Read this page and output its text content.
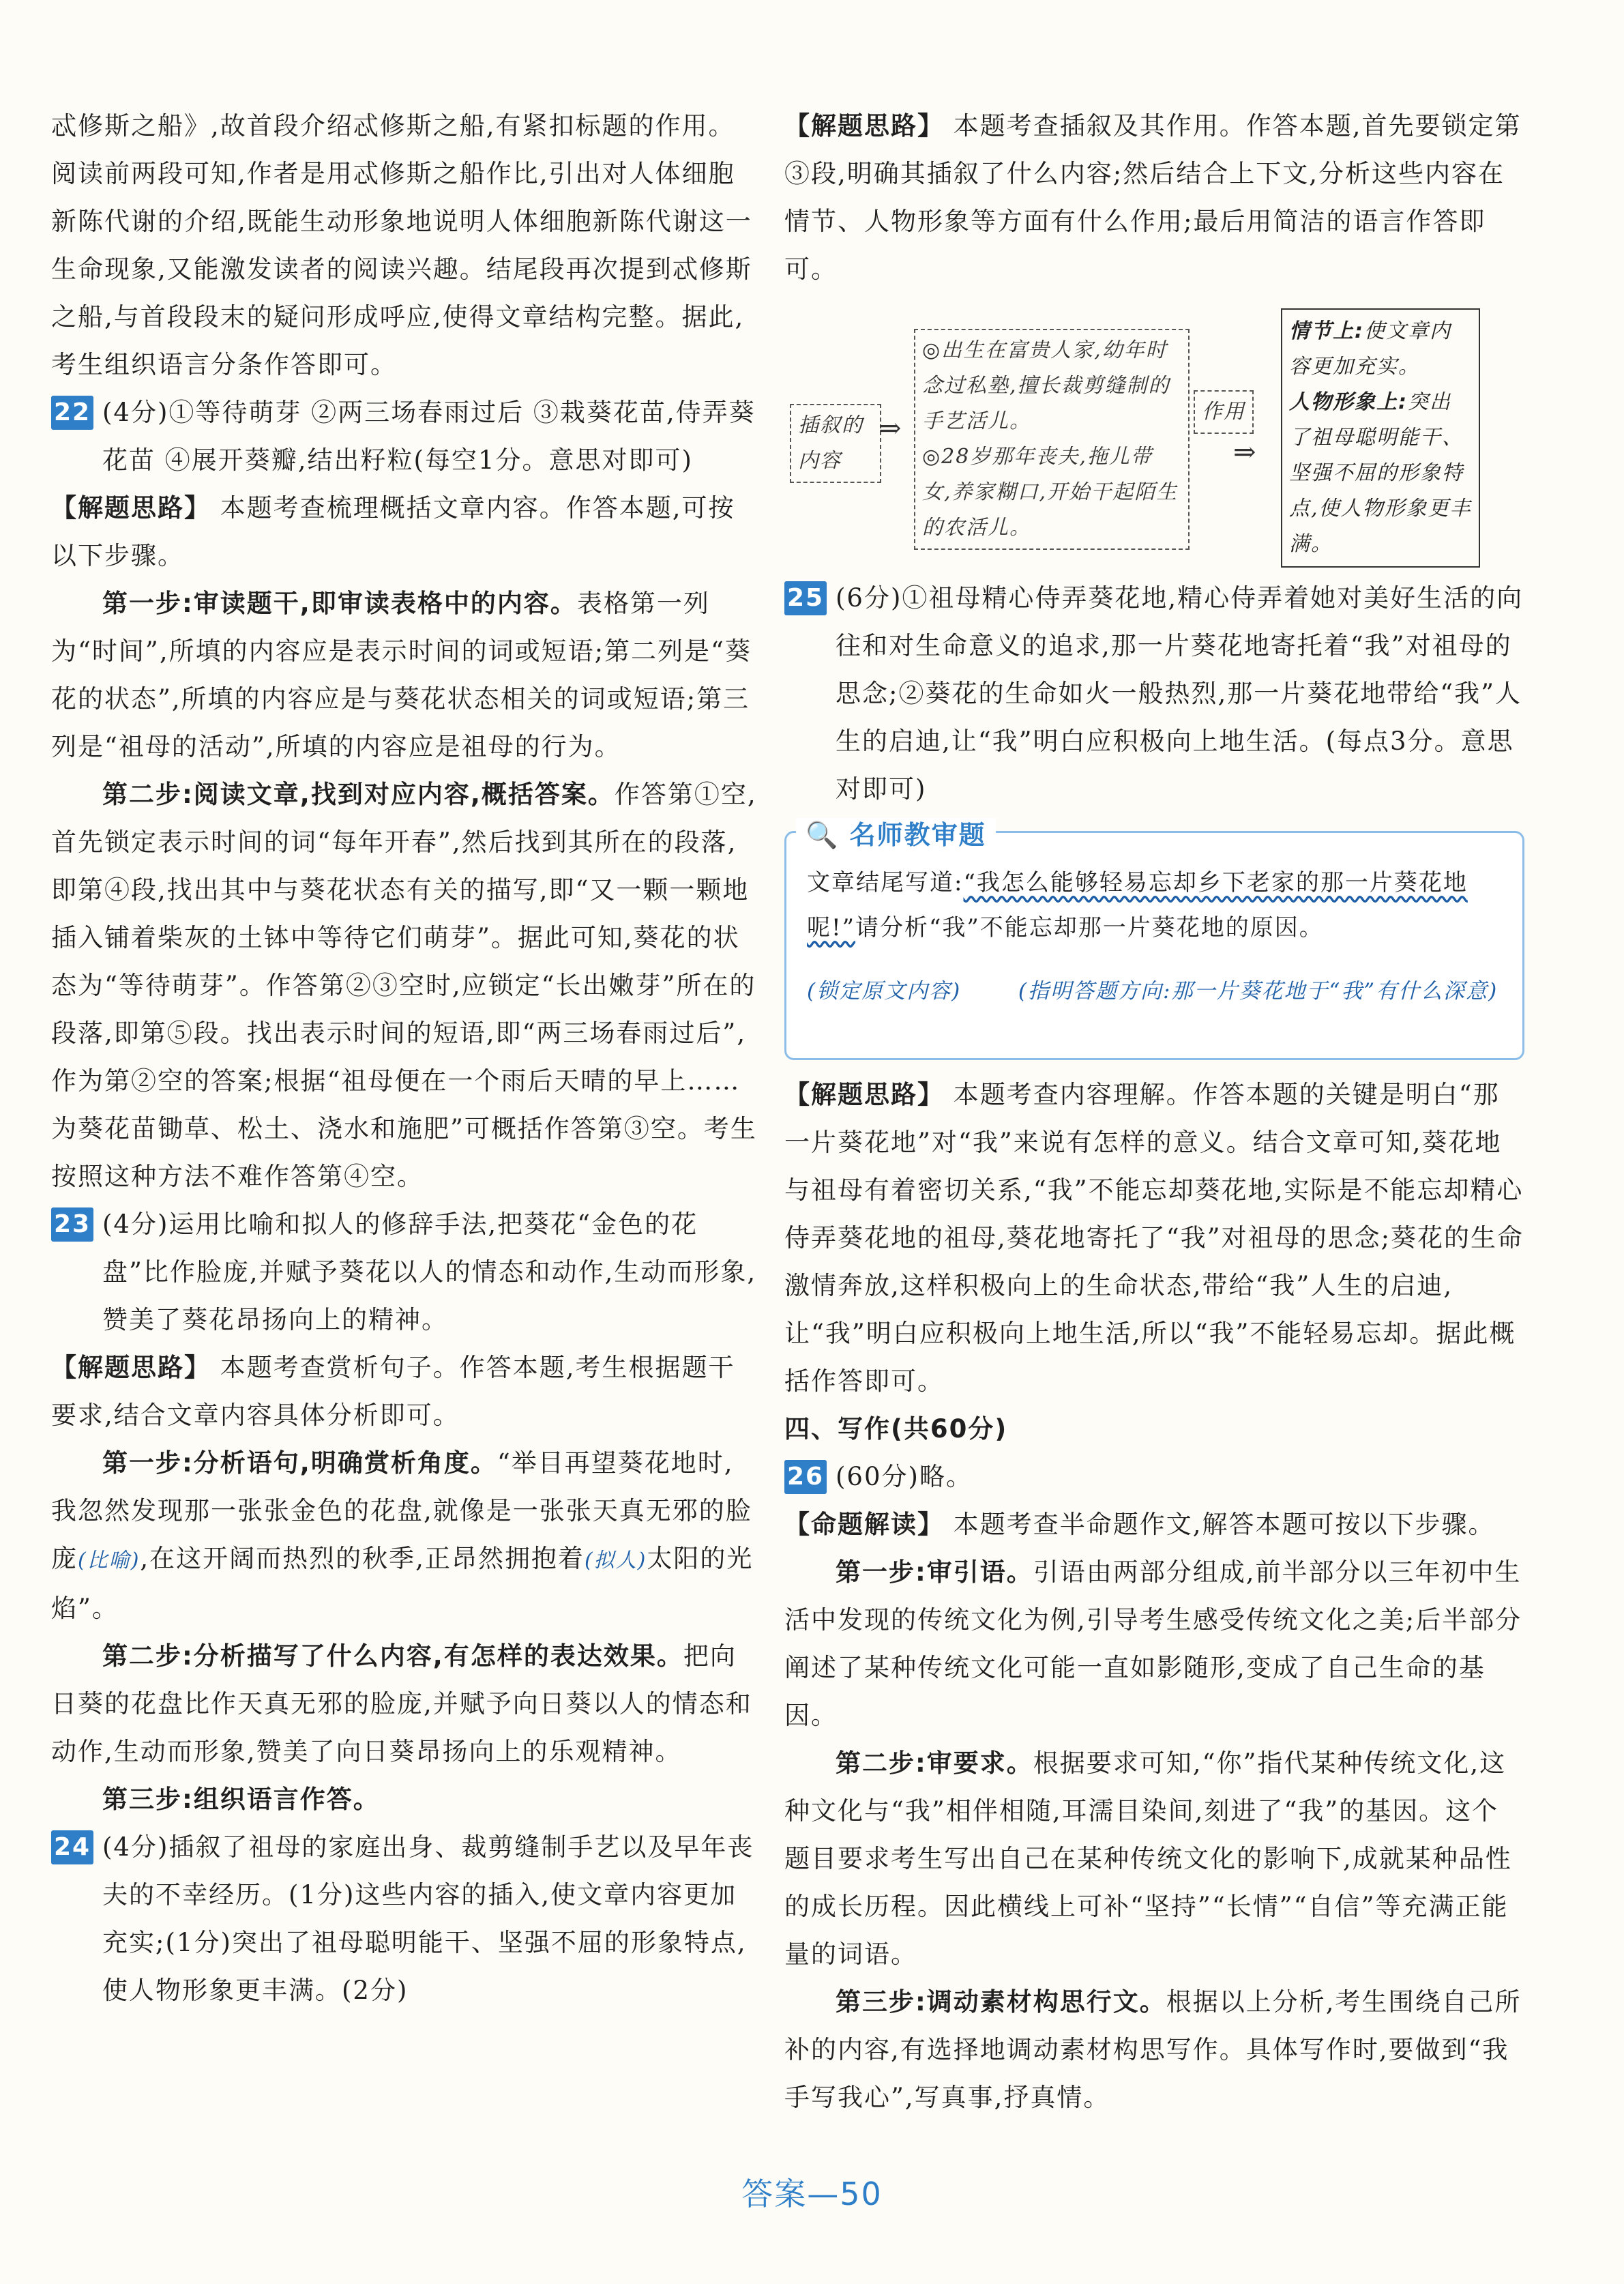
忒修斯之船》,故首段介绍忒修斯之船,有紧扣标题的作用。阅读前两段可知,作者是用忒修斯之船作比,引出对人体细胞新陈代谢的介绍,既能生动形象地说明人体细胞新陈代谢这一生命现象,又能激发读者的阅读兴趣。结尾段再次提到忒修斯之船,与首段段末的疑问形成呼应,使得文章结构完整。据此,考生组织语言分条作答即可。

22 (4分)①等待萌芽 ②两三场春雨过后 ③栽葵花苗,侍弄葵花苗 ④展开葵瓣,结出籽粒(每空1分。意思对即可)

【解题思路】 本题考查梳理概括文章内容。作答本题,可按以下步骤。

第一步:审读题干,即审读表格中的内容。表格第一列为“时间”,所填的内容应是表示时间的词或短语;第二列是“葵花的状态”,所填的内容应是与葵花状态相关的词或短语;第三列是“祖母的活动”,所填的内容应是祖母的行为。

第二步:阅读文章,找到对应内容,概括答案。作答第①空,首先锁定表示时间的词“每年开春”,然后找到其所在的段落,即第④段,找出其中与葵花状态有关的描写,即“又一颗一颗地插入铺着柴灰的土钵中等待它们萌芽”。据此可知,葵花的状态为“等待萌芽”。作答第②③空时,应锁定“长出嫩芽”所在的段落,即第⑤段。找出表示时间的短语,即“两三场春雨过后”,作为第②空的答案;根据“祖母便在一个雨后天晴的早上……为葵花苗锄草、松土、浇水和施肥”可概括作答第③空。考生按照这种方法不难作答第④空。

23 (4分)运用比喻和拟人的修辞手法,把葵花“金色的花盘”比作脸庞,并赋予葵花以人的情态和动作,生动而形象,赞美了葵花昂扬向上的精神。

【解题思路】 本题考查赏析句子。作答本题,考生根据题干要求,结合文章内容具体分析即可。

第一步:分析语句,明确赏析角度。“举目再望葵花地时,我忽然发现那一张张金色的花盘,就像是一张张天真无邪的脸庞(比喻),在这开阔而热烈的秋季,正昂然拥抱着(拟人)太阳的光焰”。

第二步:分析描写了什么内容,有怎样的表达效果。把向日葵的花盘比作天真无邪的脸庞,并赋予向日葵以人的情态和动作,生动而形象,赞美了向日葵昂扬向上的乐观精神。

第三步:组织语言作答。

24 (4分)插叙了祖母的家庭出身、裁剪缝制手艺以及早年丧夫的不幸经历。(1分)这些内容的插入,使文章内容更加充实;(1分)突出了祖母聪明能干、坚强不屈的形象特点,使人物形象更丰满。(2分)

【解题思路】 本题考查插叙及其作用。作答本题,首先要锁定第③段,明确其插叙了什么内容;然后结合上下文,分析这些内容在情节、人物形象等方面有什么作用;最后用简洁的语言作答即可。

插叙的内容
⇒
◎出生在富贵人家,幼年时念过私塾,擅长裁剪缝制的手艺活儿。
◎28岁那年丧夫,拖儿带女,养家糊口,开始干起陌生的农活儿。
作用
⇒
情节上:使文章内容更加充实。
人物形象上:突出了祖母聪明能干、坚强不屈的形象特点,使人物形象更丰满。

25 (6分)①祖母精心侍弄葵花地,精心侍弄着她对美好生活的向往和对生命意义的追求,那一片葵花地寄托着“我”对祖母的思念;②葵花的生命如火一般热烈,那一片葵花地带给“我”人生的启迪,让“我”明白应积极向上地生活。(每点3分。意思对即可)

🔍 名师教审题
文章结尾写道:“我怎么能够轻易忘却乡下老家的那一片葵花地呢!”请分析“我”不能忘却那一片葵花地的原因。
(锁定原文内容)	(指明答题方向:那一片葵花地于“我”有什么深意)

【解题思路】 本题考查内容理解。作答本题的关键是明白“那一片葵花地”对“我”来说有怎样的意义。结合文章可知,葵花地与祖母有着密切关系,“我”不能忘却葵花地,实际是不能忘却精心侍弄葵花地的祖母,葵花地寄托了“我”对祖母的思念;葵花的生命激情奔放,这样积极向上的生命状态,带给“我”人生的启迪,让“我”明白应积极向上地生活,所以“我”不能轻易忘却。据此概括作答即可。

四、写作(共60分)

26 (60分)略。

【命题解读】 本题考查半命题作文,解答本题可按以下步骤。

第一步:审引语。引语由两部分组成,前半部分以三年初中生活中发现的传统文化为例,引导考生感受传统文化之美;后半部分阐述了某种传统文化可能一直如影随形,变成了自己生命的基因。

第二步:审要求。根据要求可知,“你”指代某种传统文化,这种文化与“我”相伴相随,耳濡目染间,刻进了“我”的基因。这个题目要求考生写出自己在某种传统文化的影响下,成就某种品性的成长历程。因此横线上可补“坚持”“长情”“自信”等充满正能量的词语。

第三步:调动素材构思行文。根据以上分析,考生围绕自己所补的内容,有选择地调动素材构思写作。具体写作时,要做到“我手写我心”,写真事,抒真情。

答案—50
